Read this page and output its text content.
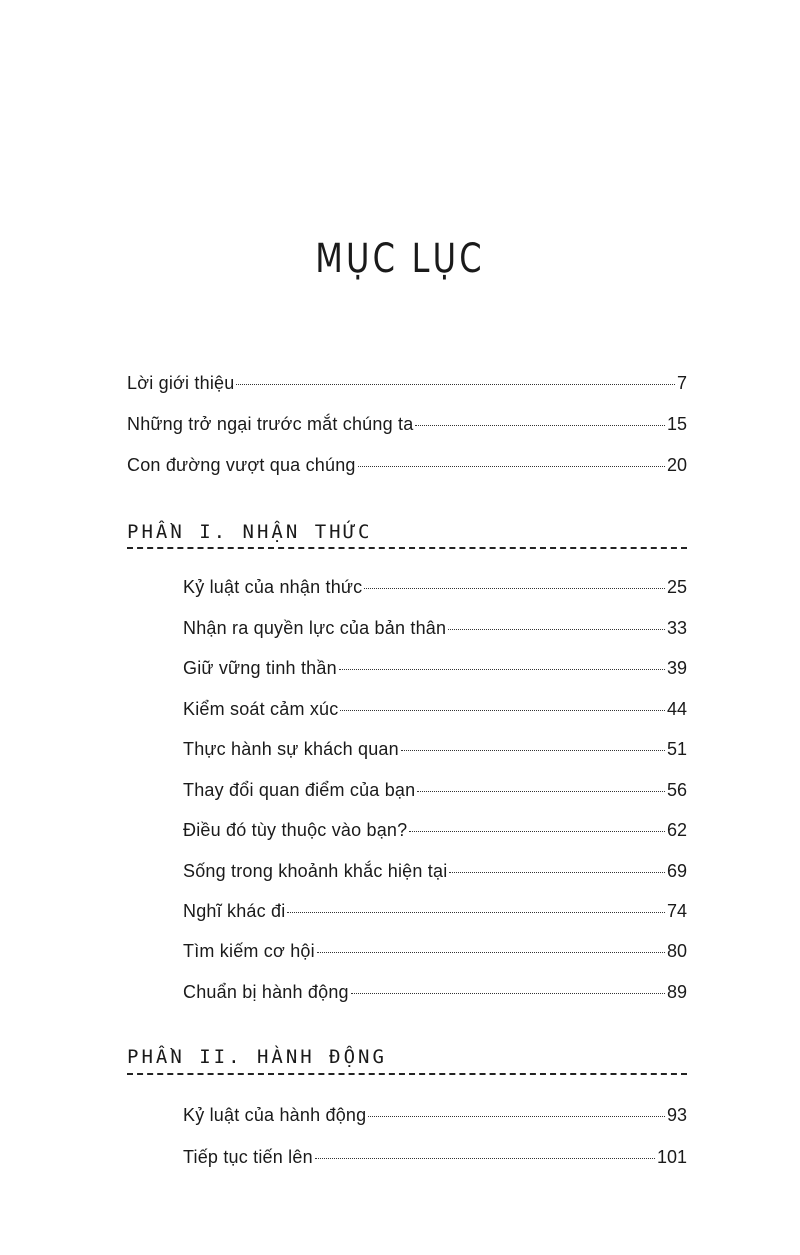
MỤC LỤC
Lời giới thiệu	7
Những trở ngại trước mắt chúng ta	15
Con đường vượt qua chúng	20
PHẦN I. NHẬN THỨC
Kỷ luật của nhận thức	25
Nhận ra quyền lực của bản thân	33
Giữ vững tinh thần	39
Kiểm soát cảm xúc	44
Thực hành sự khách quan	51
Thay đổi quan điểm của bạn	56
Điều đó tùy thuộc vào bạn?	62
Sống trong khoảnh khắc hiện tại	69
Nghĩ khác đi	74
Tìm kiếm cơ hội	80
Chuẩn bị hành động	89
PHẦN II. HÀNH ĐỘNG
Kỷ luật của hành động	93
Tiếp tục tiến lên	101
